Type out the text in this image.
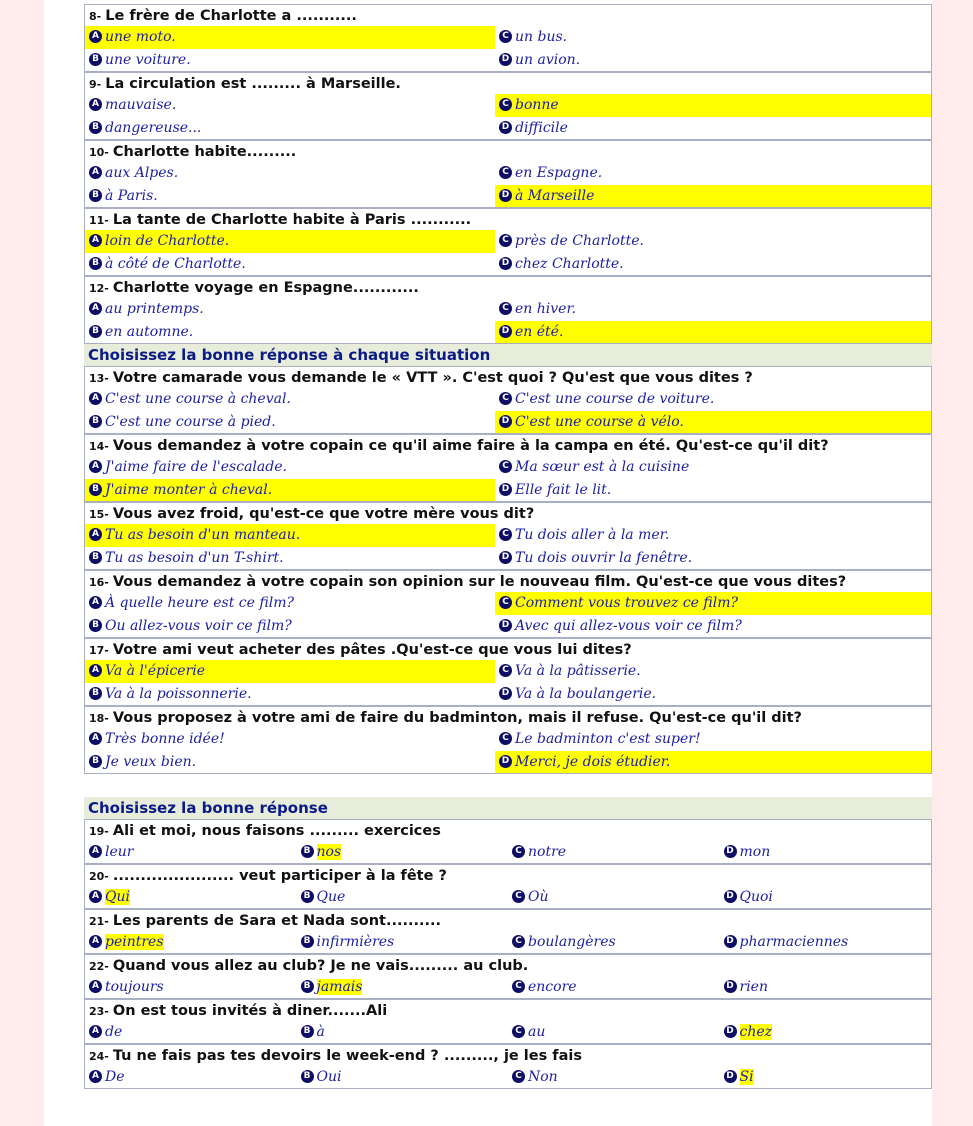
8- Le frère de Charlotte a ...........
A une moto.	C un bus.
B une voiture.	D un avion.
9- La circulation est ......... à Marseille.
A mauvaise.	C bonne
B dangereuse...	D difficile
10- Charlotte habite.........
A aux Alpes.	C en Espagne.
B à Paris.	D à Marseille
11- La tante de Charlotte habite à Paris ...........
A loin de Charlotte.	C près de Charlotte.
B à côté de Charlotte.	D chez Charlotte.
12- Charlotte voyage en Espagne............
A au printemps.	C en hiver.
B en automne.	D en été.
Choisissez la bonne réponse à chaque situation
13- Votre camarade vous demande le « VTT ». C'est quoi ? Qu'est que vous dites ?
A C'est une course à cheval.	C C'est une course de voiture.
B C'est une course à pied.	D C'est une course à vélo.
14- Vous demandez à votre copain ce qu'il aime faire à la campa en été. Qu'est-ce qu'il dit?
A J'aime faire de l'escalade.	C Ma sœur est à la cuisine
B J'aime monter à cheval.	D Elle fait le lit.
15- Vous avez froid, qu'est-ce que votre mère vous dit?
A Tu as besoin d'un manteau.	C Tu dois aller à la mer.
B Tu as besoin d'un T-shirt.	D Tu dois ouvrir la fenêtre.
16- Vous demandez à votre copain son opinion sur le nouveau film. Qu'est-ce que vous dites?
A À quelle heure est ce film?	C Comment vous trouvez ce film?
B Ou allez-vous voir ce film?	D Avec qui allez-vous voir ce film?
17- Votre ami veut acheter des pâtes .Qu'est-ce que vous lui dites?
A Va à l'épicerie	C Va à la pâtisserie.
B Va à la poissonnerie.	D Va à la boulangerie.
18- Vous proposez à votre ami de faire du badminton, mais il refuse. Qu'est-ce qu'il dit?
A Très bonne idée!	C Le badminton c'est super!
B Je veux bien.	D Merci, je dois étudier.
Choisissez la bonne réponse
19- Ali et moi, nous faisons ......... exercices
A leur	B nos	C notre	D mon
20- ...................... veut participer à la fête ?
A Qui	B Que	C Où	D Quoi
21- Les parents de Sara et Nada sont..........
A peintres	B infirmières	C boulangères	D pharmaciennes
22- Quand vous allez au club? Je ne vais......... au club.
A toujours	B jamais	C encore	D rien
23- On est tous invités à diner.......Ali
A de	B à	C au	D chez
24- Tu ne fais pas tes devoirs le week-end ? ........., je les fais
A De	B Oui	C Non	D Si
